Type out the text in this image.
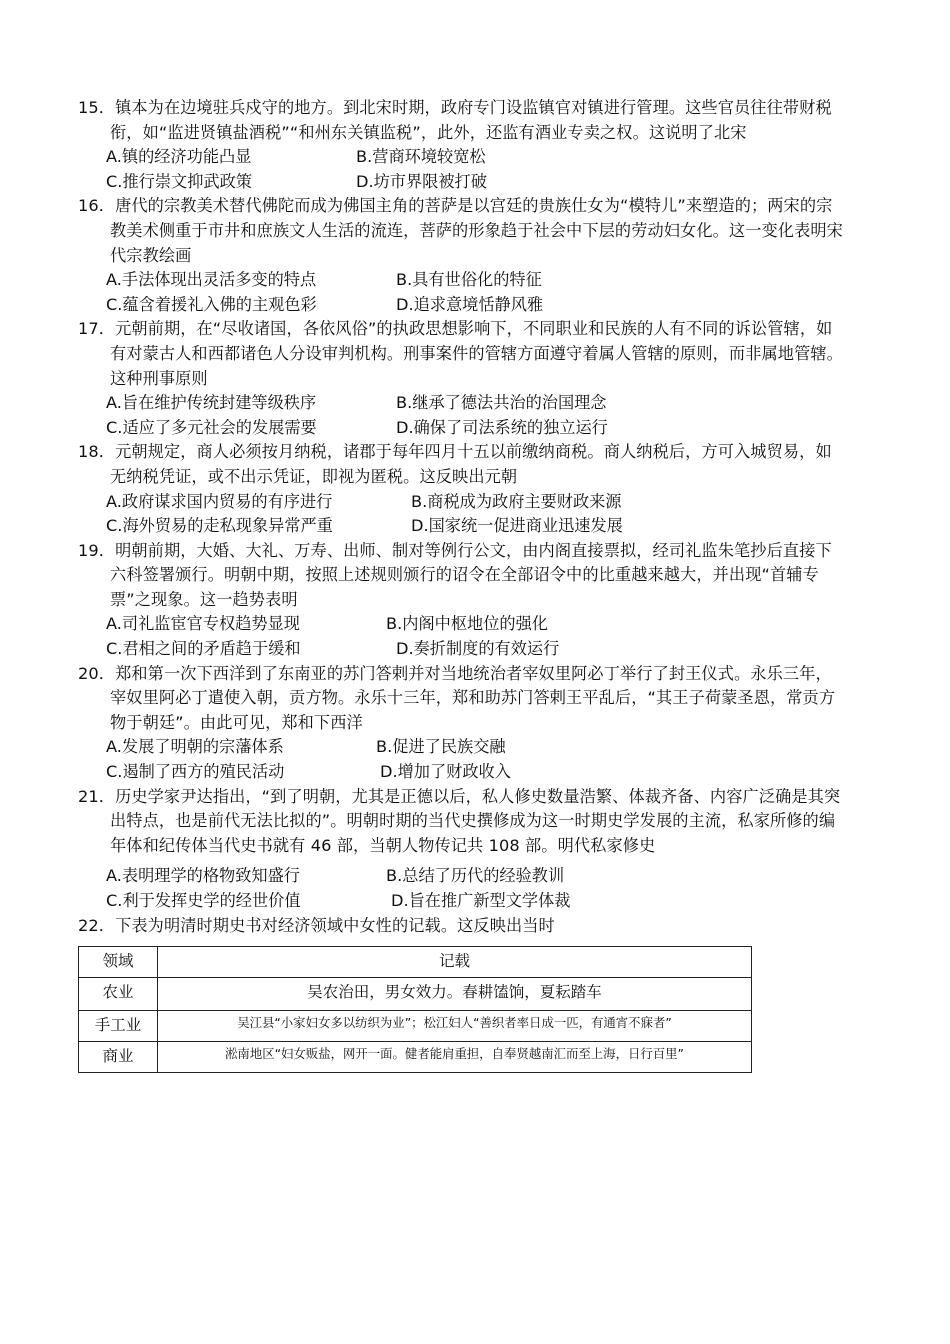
15．镇本为在边境驻兵戍守的地方。到北宋时期，政府专门设监镇官对镇进行管理。这些官员往往带财税衔，如“监进贤镇盐酒税”“和州东关镇监税”，此外，还监有酒业专卖之权。这说明了北宋
A.镇的经济功能凸显	B.营商环境较宽松
C.推行崇文抑武政策	D.坊市界限被打破
16．唐代的宗教美术替代佛陀而成为佛国主角的菩萨是以宫廷的贵族仕女为“模特儿”来塑造的；两宋的宗教美术侧重于市井和庶族文人生活的流连，菩萨的形象趋于社会中下层的劳动妇女化。这一变化表明宋代宗教绘画
A.手法体现出灵活多变的特点	B.具有世俗化的特征
C.蕴含着援礼入佛的主观色彩	D.追求意境恬静风雅
17．元朝前期，在“尽收诸国，各依风俗”的执政思想影响下，不同职业和民族的人有不同的诉讼管辖，如有对蒙古人和西都诸色人分设审判机构。刑事案件的管辖方面遵守着属人管辖的原则，而非属地管辖。这种刑事原则
A.旨在维护传统封建等级秩序	B.继承了德法共治的治国理念
C.适应了多元社会的发展需要	D.确保了司法系统的独立运行
18．元朝规定，商人必须按月纳税，诸郡于每年四月十五以前缴纳商税。商人纳税后，方可入城贸易，如无纳税凭证，或不出示凭证，即视为匿税。这反映出元朝
A.政府谋求国内贸易的有序进行	B.商税成为政府主要财政来源
C.海外贸易的走私现象异常严重	D.国家统一促进商业迅速发展
19．明朝前期，大婚、大礼、万寿、出师、制对等例行公文，由内阁直接票拟，经司礼监朱笔抄后直接下六科签署颁行。明朝中期，按照上述规则颁行的诏令在全部诏令中的比重越来越大，并出现“首辅专票”之现象。这一趋势表明
A.司礼监宦官专权趋势显现	B.内阁中枢地位的强化
C.君相之间的矛盾趋于缓和	D.奏折制度的有效运行
20．郑和第一次下西洋到了东南亚的苏门答剌并对当地统治者宰奴里阿必丁举行了封王仪式。永乐三年，宰奴里阿必丁遣使入朝，贡方物。永乐十三年，郑和助苏门答剌王平乱后，“其王子荷蒙圣恩，常贡方物于朝廷”。由此可见，郑和下西洋
A.发展了明朝的宗藩体系	B.促进了民族交融
C.遏制了西方的殖民活动	D.增加了财政收入
21．历史学家尹达指出，“到了明朝，尤其是正德以后，私人修史数量浩繁、体裁齐备、内容广泛确是其突出特点，也是前代无法比拟的”。明朝时期的当代史撰修成为这一时期史学发展的主流，私家所修的编年体和纪传体当代史书就有 46 部，当朝人物传记共 108 部。明代私家修史
A.表明理学的格物致知盛行	B.总结了历代的经验教训
C.利于发挥史学的经世价值	D.旨在推广新型文学体裁
22．下表为明清时期史书对经济领域中女性的记载。这反映出当时
领域	记载
农业	吴农治田，男女效力。春耕馌饷，夏耘踏车
手工业	吴江县“小家妇女多以纺织为业”；松江妇人“善织者率日成一匹，有通宵不寐者”
商业	淞南地区“妇女贩盐，网开一面。健者能肩重担，自奉贤越南汇而至上海，日行百里”
